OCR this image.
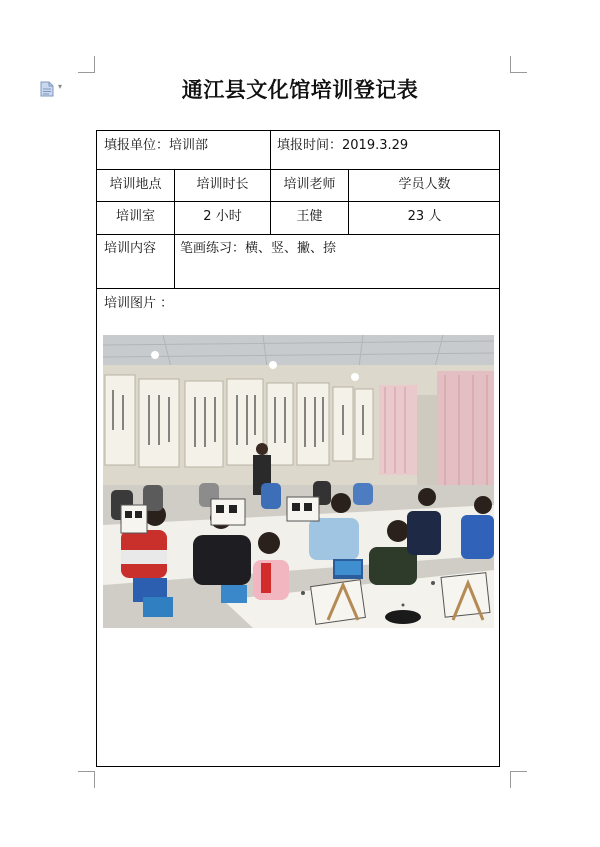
▾	通江县文化馆培训登记表
填报单位：培训部	填报时间：2019.3.29
培训地点	培训时长	培训老师	学员人数
培训室	2 小时	王健	23 人
培训内容 笔画练习：横、竖、撇、捺
培训图片 ：
